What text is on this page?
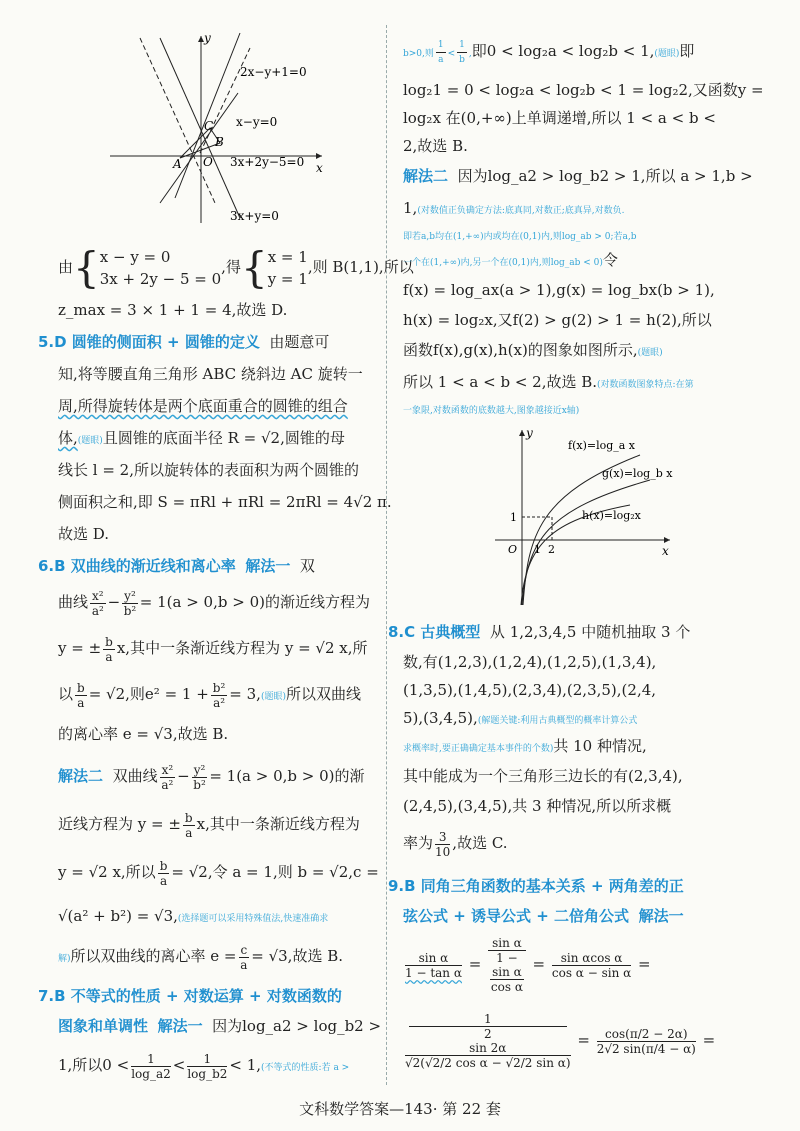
y
x
2x−y+1=0
x−y=0
3x+2y−5=0
3x+y=0
A O
B
C
由{x − y = 0
3x + 2y − 5 = 0,得{x = 1
y = 1,则 B(1,1),所以
z_max = 3 × 1 + 1 = 4,故选 D.
5.D 圆锥的侧面积 + 圆锥的定义 由题意可
知,将等腰直角三角形 ABC 绕斜边 AC 旋转一
周,所得旋转体是两个底面重合的圆锥的组合
体,(题眼)且圆锥的底面半径 R = √2,圆锥的母
线长 l = 2,所以旋转体的表面积为两个圆锥的
侧面积之和,即 S = πRl + πRl = 2πRl = 4√2 π.
故选 D.
6.B 双曲线的渐近线和离心率 解法一 双
曲线 $\frac{\text{x²}}{\text{a²}} - \frac{\text{y²}}{\text{b²}} = 1(a > 0,b > 0)$的渐近线方程为
y = ± $\frac{b}{a} x$,其中一条渐近线方程为 y = √2 x,所
以 $\frac{b}{a} = √2$,则$e^2 = 1 + \frac{\text{b²}}{\text{a²}} = 3$,(题眼)所以双曲线
的离心率 e = √3,故选 B.
解法二 双曲线 $\frac{\text{x²}}{\text{a²}} - \frac{\text{y²}}{\text{b²}} = 1(a > 0,b > 0)$的渐
近线方程为 y = ± $\frac{b}{a} x$,其中一条渐近线方程为
y = √2 x,所以 $\frac{b}{a} = √2$,令 a = 1,则 b = √2,c =
√(a² + b²) = √3,(选择题可以采用特殊值法,快速准确求
解)所以双曲线的离心率 $e = \frac{c}{a} = √3$,故选 B.
7.B 不等式的性质 + 对数运算 + 对数函数的
图象和单调性 解法一 因为log_a2 > log_b2 >
1,所以$0 < \frac{1}{\log\_a2} < \frac{1}{\log\_b2} < 1$,(不等式的性质:若 a >
b>0,则 $\frac{1}{a} < \frac{1}{b}$ ,即0 < log₂a < log₂b < 1,(题眼)即
log₂1 = 0 < log₂a < log₂b < 1 = log₂2,又函数y =
log₂x 在(0,+∞)上单调递增,所以 1 < a < b <
2,故选 B.
解法二 因为log_a2 > log_b2 > 1,所以 a > 1,b >
1,(对数值正负确定方法:底真同,对数正;底真异,对数负.
即若a,b均在(1,+∞)内或均在(0,1)内,则log_ab > 0;若a,b
一个在(1,+∞)内,另一个在(0,1)内,则log_ab < 0)令
f(x) = log_ax(a > 1),g(x) = log_bx(b > 1),
h(x) = log₂x,又f(2) > g(2) > 1 = h(2),所以
函数f(x),g(x),h(x)的图象如图所示,(题眼)
所以 1 < a < b < 2,故选 B.(对数函数图象特点:在第
一象限,对数函数的底数越大,图象越接近x轴)
y
x
f(x)=log_a x
g(x)=log_b x
h(x)=log₂x
1
O 1 2
8.C 古典概型 从 1,2,3,4,5 中随机抽取 3 个
数,有(1,2,3),(1,2,4),(1,2,5),(1,3,4),
(1,3,5),(1,4,5),(2,3,4),(2,3,5),(2,4,
5),(3,4,5),(解题关键:利用古典概型的概率计算公式
求概率时,要正确确定基本事件的个数)共 10 种情况,
其中能成为一个三角形三边长的有(2,3,4),
(2,4,5),(3,4,5),共 3 种情况,所以所求概
率为 $\frac{3}{10}$ ,故选 C.
9.B 同角三角函数的基本关系 + 两角差的正
弦公式 + 诱导公式 + 二倍角公式 解法一
$\frac{\text{sin α}}{\text{1 − tan α}} = \sin \alpha$
1 −
sin α
$\cos \alpha = \frac{\text{sin αcos α}}{\text{cos α − sin α}}$ =
1
2
sin 2α
√2(√2/2 cos α − √2/2 $\sin \alpha) = \frac{\cos(\pi/2 - 2\alpha)}{2√2 \sin(\pi/4 - \alpha)}$ =
文科数学答案—143· 第 22 套
